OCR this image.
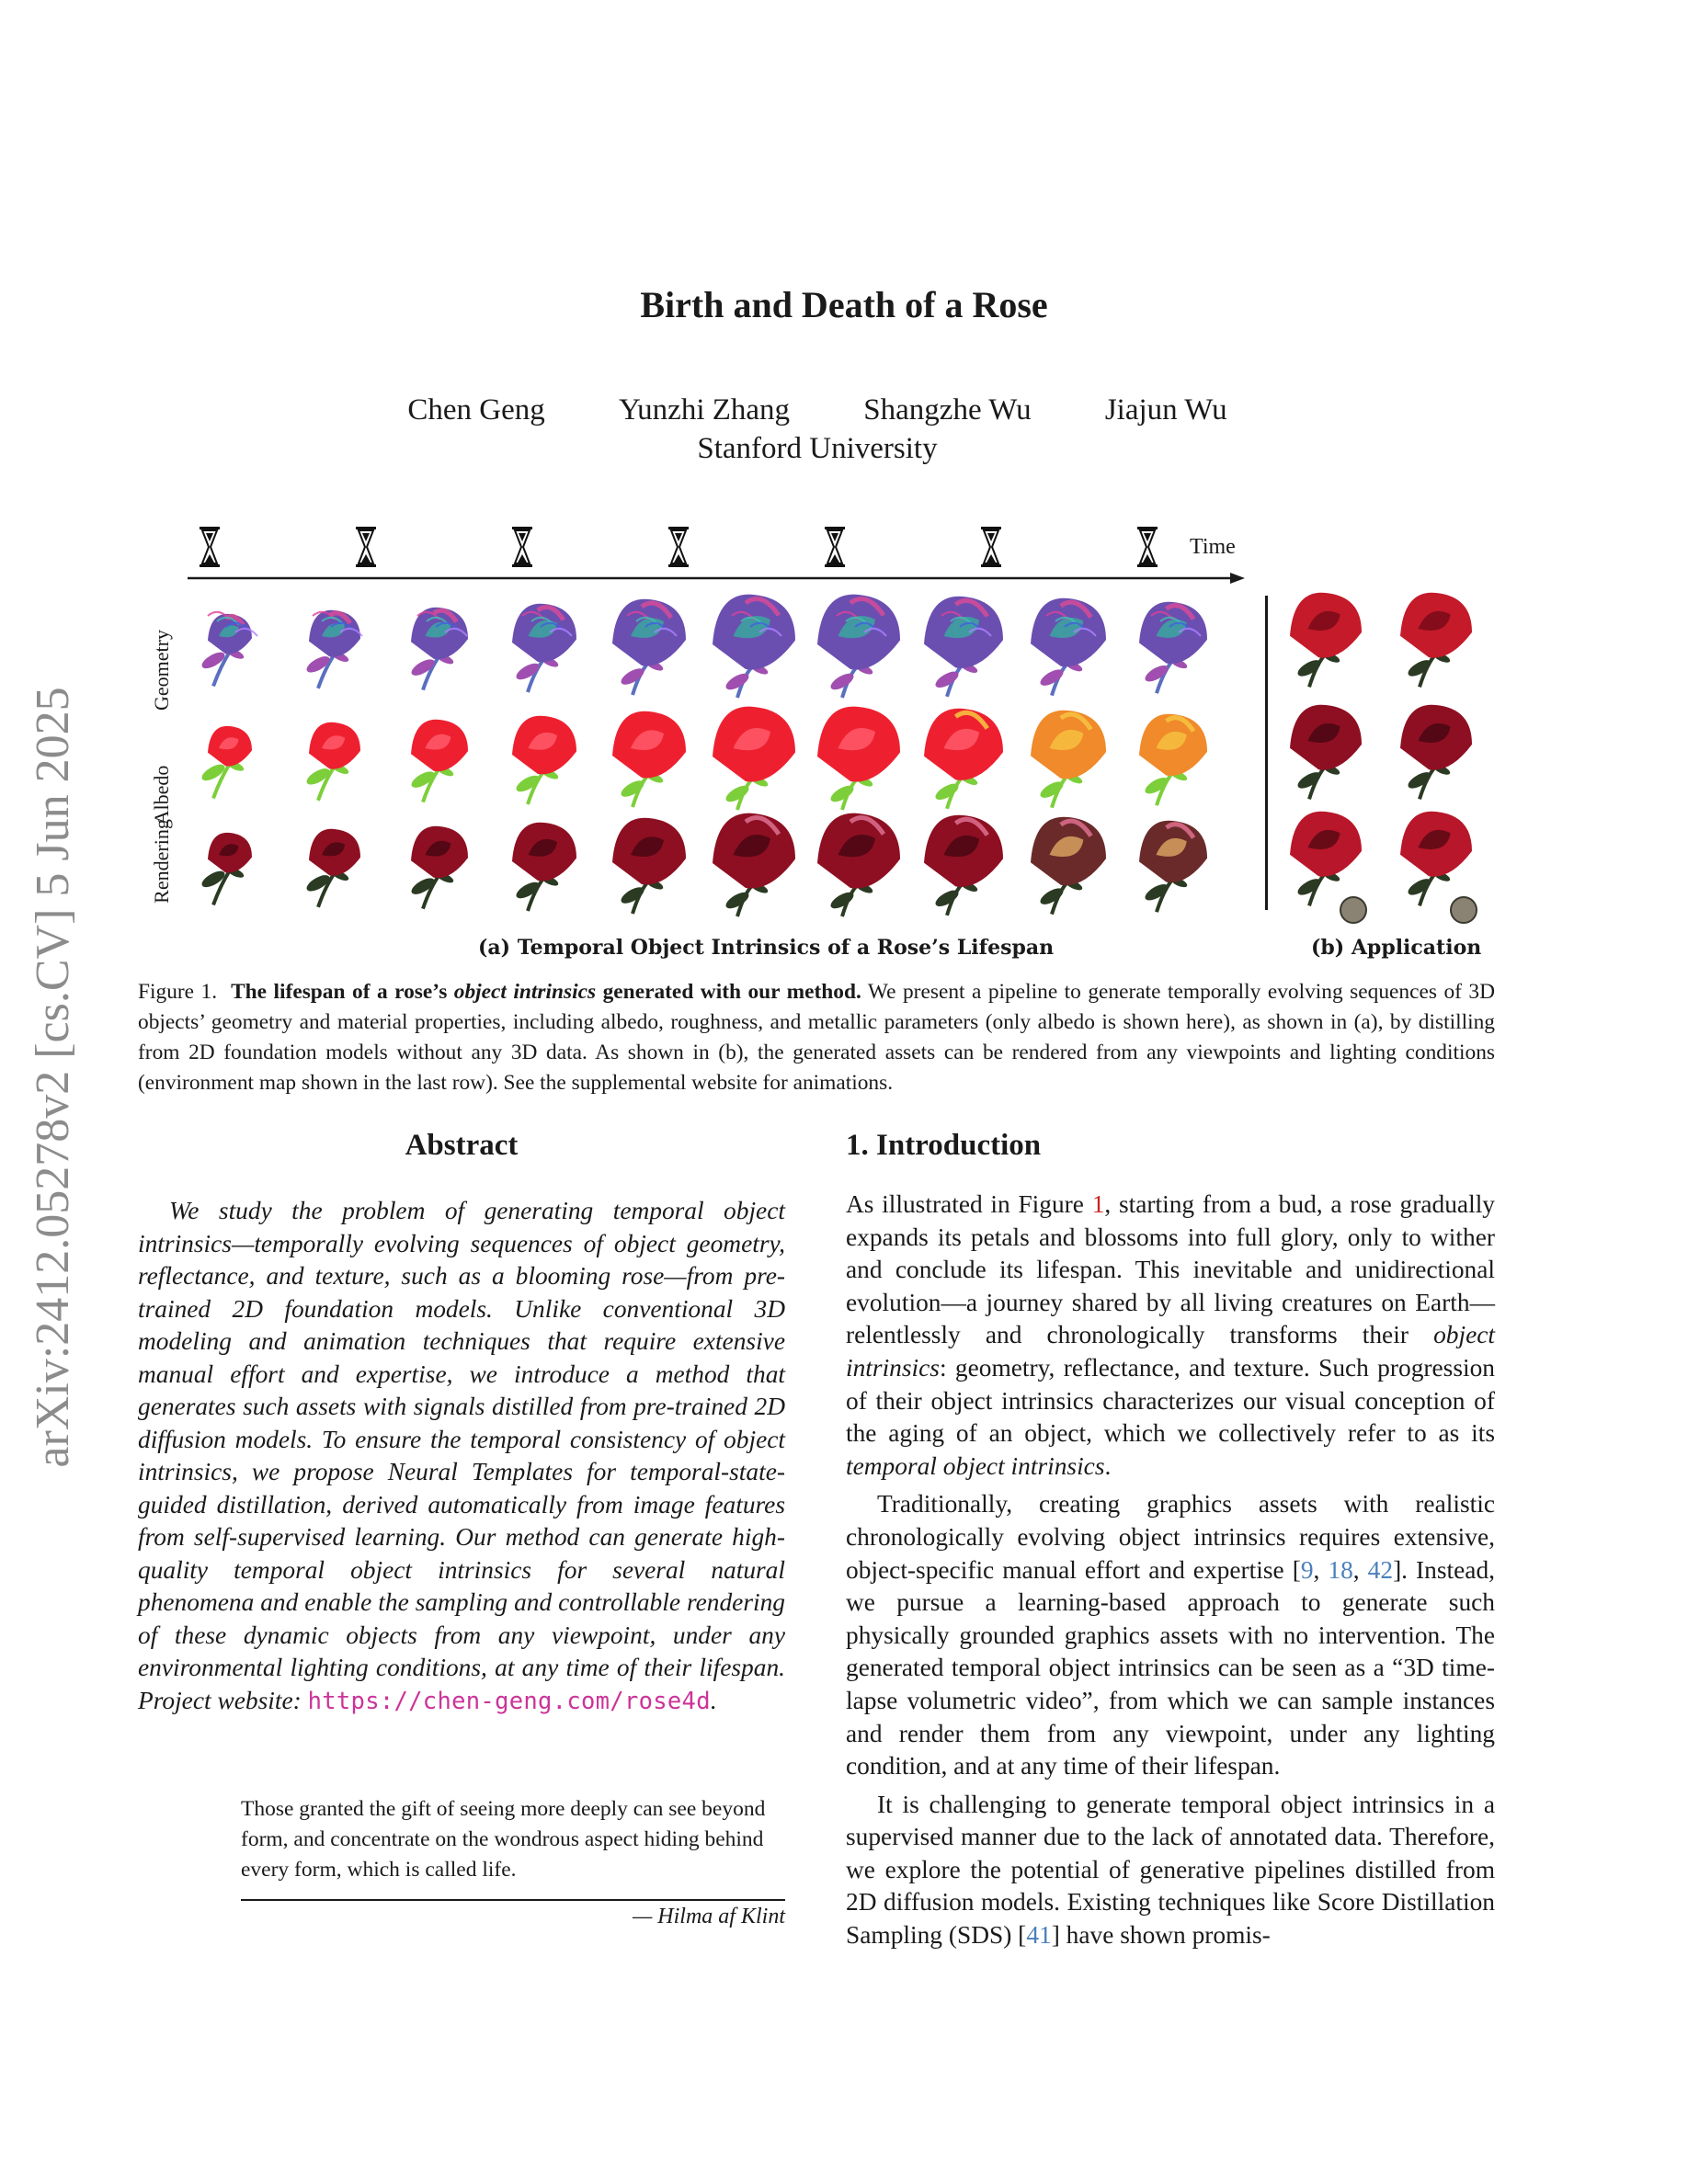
arXiv:2412.05278v2 [cs.CV] 5 Jun 2025
Birth and Death of a Rose
Chen Geng Yunzhi Zhang Shangzhe Wu Jiajun Wu
Stanford University
Time
Geometry
Albedo
Rendering
(a) Temporal Object Intrinsics of a Rose’s Lifespan	(b) Application
Figure 1. The lifespan of a rose’s object intrinsics generated with our method. We present a pipeline to generate temporally evolving sequences of 3D objects’ geometry and material properties, including albedo, roughness, and metallic parameters (only albedo is shown here), as shown in (a), by distilling from 2D foundation models without any 3D data. As shown in (b), the generated assets can be rendered from any viewpoints and lighting conditions (environment map shown in the last row). See the supplemental website for animations.
Abstract
We study the problem of generating temporal object intrinsics—temporally evolving sequences of object geometry, reflectance, and texture, such as a blooming rose—from pre-trained 2D foundation models. Unlike conventional 3D modeling and animation techniques that require extensive manual effort and expertise, we introduce a method that generates such assets with signals distilled from pre-trained 2D diffusion models. To ensure the temporal consistency of object intrinsics, we propose Neural Templates for temporal-state-guided distillation, derived automatically from image features from self-supervised learning. Our method can generate high-quality temporal object intrinsics for several natural phenomena and enable the sampling and controllable rendering of these dynamic objects from any viewpoint, under any environmental lighting conditions, at any time of their lifespan. Project website: https://chen-geng.com/rose4d.
Those granted the gift of seeing more deeply can see beyond form, and concentrate on the wondrous aspect hiding behind every form, which is called life.
— Hilma af Klint
1. Introduction

As illustrated in Figure 1, starting from a bud, a rose gradually expands its petals and blossoms into full glory, only to wither and conclude its lifespan. This inevitable and unidirectional evolution—a journey shared by all living creatures on Earth—relentlessly and chronologically transforms their object intrinsics: geometry, reflectance, and texture. Such progression of their object intrinsics characterizes our visual conception of the aging of an object, which we collectively refer to as its temporal object intrinsics.

Traditionally, creating graphics assets with realistic chronologically evolving object intrinsics requires extensive, object-specific manual effort and expertise [9, 18, 42]. Instead, we pursue a learning-based approach to generate such physically grounded graphics assets with no intervention. The generated temporal object intrinsics can be seen as a “3D time-lapse volumetric video”, from which we can sample instances and render them from any viewpoint, under any lighting condition, and at any time of their lifespan.

It is challenging to generate temporal object intrinsics in a supervised manner due to the lack of annotated data. Therefore, we explore the potential of generative pipelines distilled from 2D diffusion models. Existing techniques like Score Distillation Sampling (SDS) [41] have shown promis-
